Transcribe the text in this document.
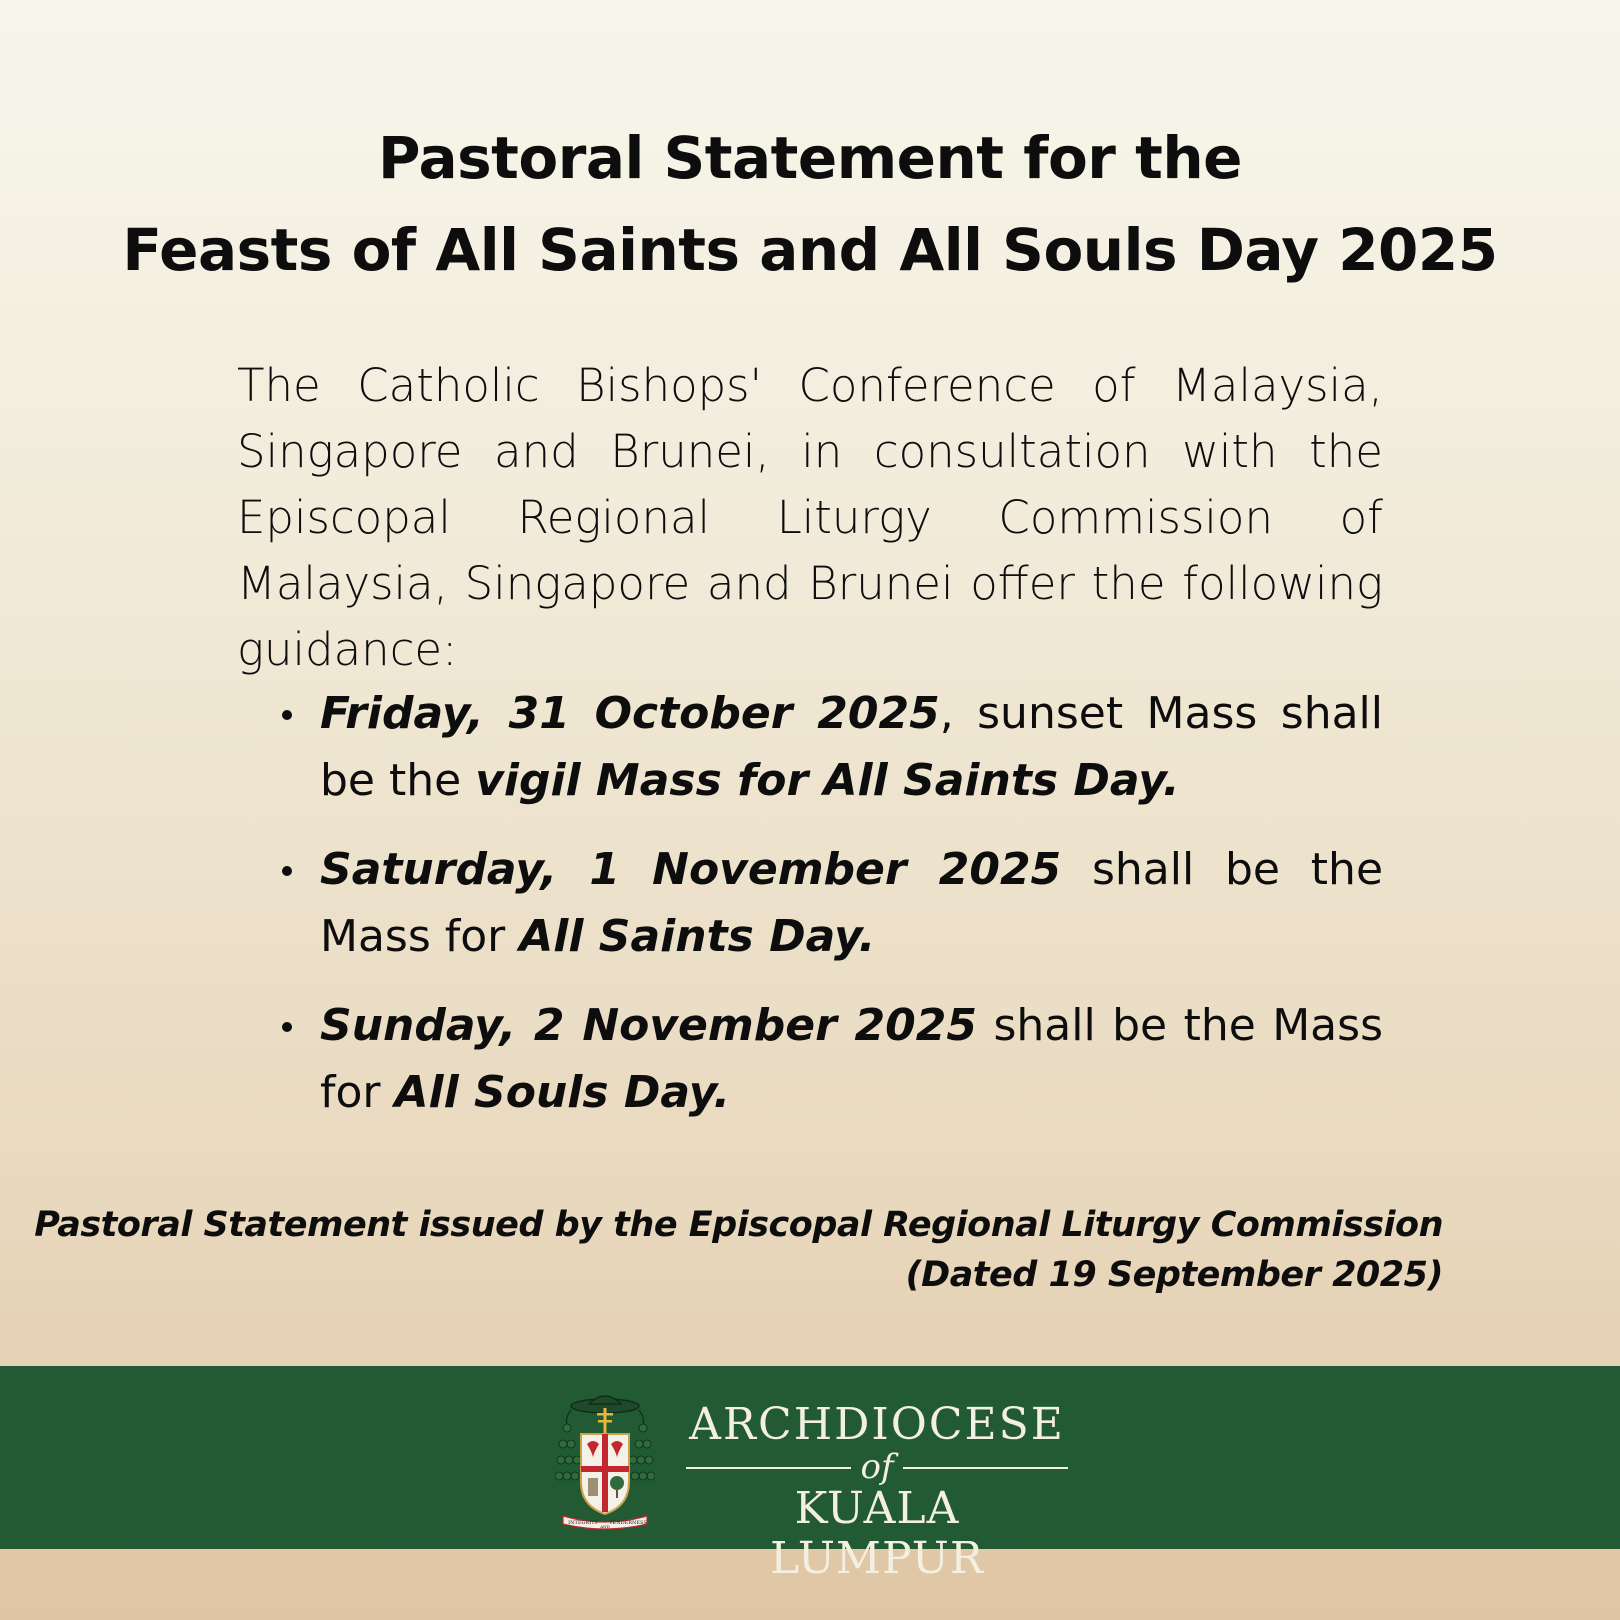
Pastoral Statement for the
Feasts of All Saints and All Souls Day 2025
The Catholic Bishops' Conference of Malaysia, Singapore and Brunei, in consultation with the Episcopal Regional Liturgy Commission of Malaysia, Singapore and Brunei offer the following guidance:
Friday, 31 October 2025, sunset Mass shall be the vigil Mass for All Saints Day.
Saturday, 1 November 2025 shall be the Mass for All Saints Day.
Sunday, 2 November 2025 shall be the Mass for All Souls Day.
Pastoral Statement issued by the Episcopal Regional Liturgy Commission
(Dated 19 September 2025)
INTEGRITY
AND
TENDERNESS
ARCHDIOCESE
of
KUALA LUMPUR
